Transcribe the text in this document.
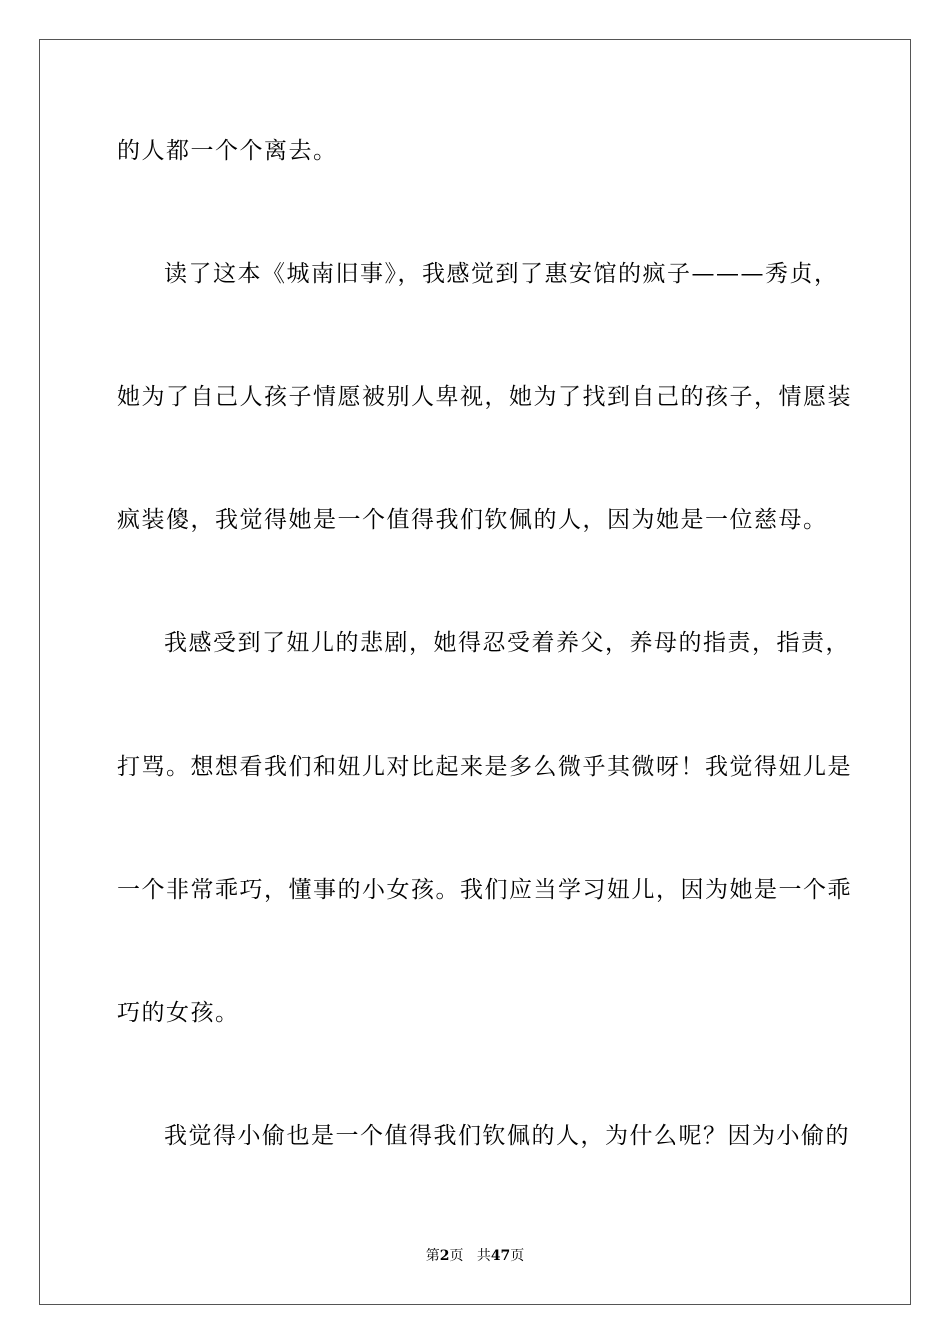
的人都一个个离去。
读了这本《城南旧事》，我感觉到了惠安馆的疯子———秀贞，
她为了自己人孩子情愿被别人卑视，她为了找到自己的孩子，情愿装
疯装傻，我觉得她是一个值得我们钦佩的人，因为她是一位慈母。
我感受到了妞儿的悲剧，她得忍受着养父，养母的指责，指责，
打骂。想想看我们和妞儿对比起来是多么微乎其微呀！我觉得妞儿是
一个非常乖巧，懂事的小女孩。我们应当学习妞儿，因为她是一个乖
巧的女孩。
我觉得小偷也是一个值得我们钦佩的人，为什么呢？因为小偷的
第2页 共47页
